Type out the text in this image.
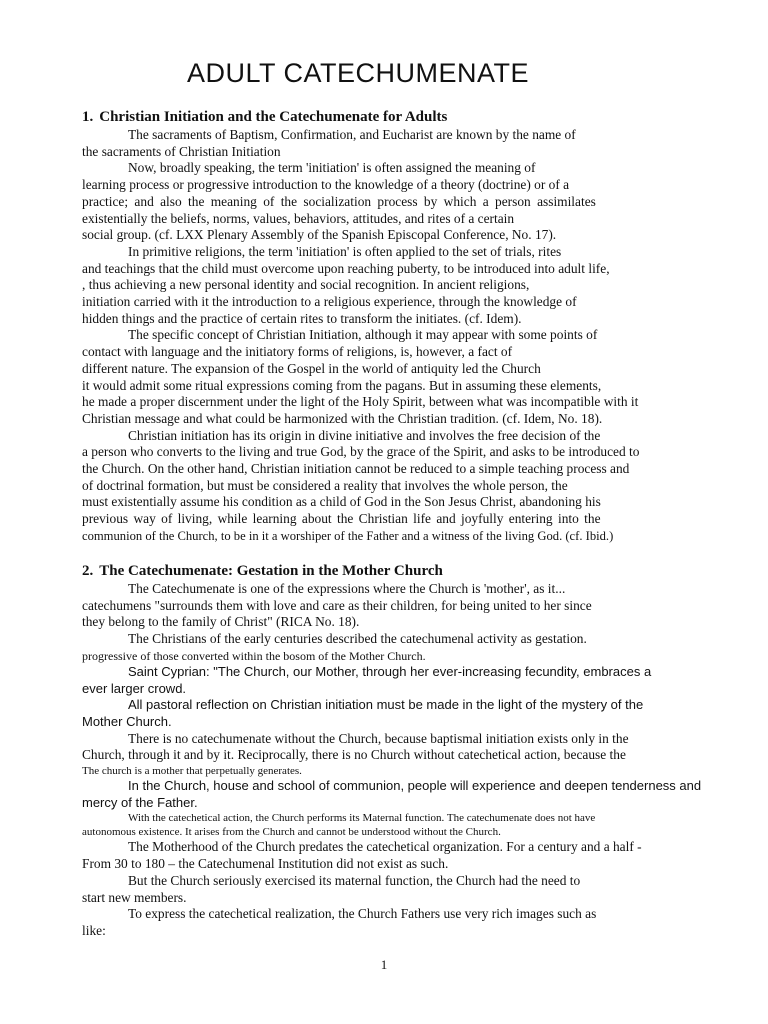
ADULT CATECHUMENATE
1. Christian Initiation and the Catechumenate for Adults
The sacraments of Baptism, Confirmation, and Eucharist are known by the name of
the sacraments of Christian Initiation
Now, broadly speaking, the term 'initiation' is often assigned the meaning of
learning process or progressive introduction to the knowledge of a theory (doctrine) or of a
practice; and also the meaning of the socialization process by which a person assimilates
existentially the beliefs, norms, values, behaviors, attitudes, and rites of a certain
social group. (cf. LXX Plenary Assembly of the Spanish Episcopal Conference, No. 17).
In primitive religions, the term 'initiation' is often applied to the set of trials, rites
and teachings that the child must overcome upon reaching puberty, to be introduced into adult life,
, thus achieving a new personal identity and social recognition. In ancient religions,
initiation carried with it the introduction to a religious experience, through the knowledge of
hidden things and the practice of certain rites to transform the initiates. (cf. Idem).
The specific concept of Christian Initiation, although it may appear with some points of
contact with language and the initiatory forms of religions, is, however, a fact of
different nature. The expansion of the Gospel in the world of antiquity led the Church
it would admit some ritual expressions coming from the pagans. But in assuming these elements,
he made a proper discernment under the light of the Holy Spirit, between what was incompatible with it
Christian message and what could be harmonized with the Christian tradition. (cf. Idem, No. 18).
Christian initiation has its origin in divine initiative and involves the free decision of the
a person who converts to the living and true God, by the grace of the Spirit, and asks to be introduced to
the Church. On the other hand, Christian initiation cannot be reduced to a simple teaching process and
of doctrinal formation, but must be considered a reality that involves the whole person, the
must existentially assume his condition as a child of God in the Son Jesus Christ, abandoning his
previous way of living, while learning about the Christian life and joyfully entering into the
communion of the Church, to be in it a worshiper of the Father and a witness of the living God. (cf. Ibid.)
2. The Catechumenate: Gestation in the Mother Church
The Catechumenate is one of the expressions where the Church is 'mother', as it...
catechumens "surrounds them with love and care as their children, for being united to her since
they belong to the family of Christ" (RICA No. 18).
The Christians of the early centuries described the catechumenal activity as gestation.
progressive of those converted within the bosom of the Mother Church.
Saint Cyprian: "The Church, our Mother, through her ever-increasing fecundity, embraces a
ever larger crowd.
All pastoral reflection on Christian initiation must be made in the light of the mystery of the
Mother Church.
There is no catechumenate without the Church, because baptismal initiation exists only in the
Church, through it and by it. Reciprocally, there is no Church without catechetical action, because the
The church is a mother that perpetually generates.
In the Church, house and school of communion, people will experience and deepen tenderness and
mercy of the Father.
With the catechetical action, the Church performs its Maternal function. The catechumenate does not have
autonomous existence. It arises from the Church and cannot be understood without the Church.
The Motherhood of the Church predates the catechetical organization. For a century and a half -
From 30 to 180 – the Catechumenal Institution did not exist as such.
But the Church seriously exercised its maternal function, the Church had the need to
start new members.
To express the catechetical realization, the Church Fathers use very rich images such as
like:
1
